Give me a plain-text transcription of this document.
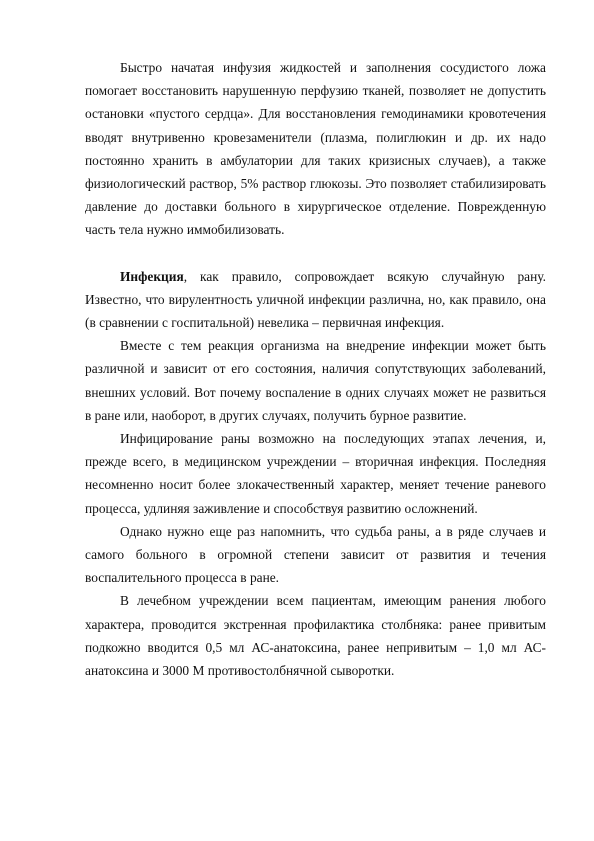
Быстро начатая инфузия жидкостей и заполнения сосудистого ложа помогает восстановить нарушенную перфузию тканей, позволяет не допустить остановки «пустого сердца». Для восстановления гемодинамики кровотечения вводят внутривенно кровезаменители (плазма, полиглюкин и др. их надо постоянно хранить в амбулатории для таких кризисных случаев), а также физиологический раствор, 5% раствор глюкозы. Это позволяет стабилизировать давление до доставки больного в хирургическое отделение. Поврежденную часть тела нужно иммобилизовать.

Инфекция, как правило, сопровождает всякую случайную рану. Известно, что вирулентность уличной инфекции различна, но, как правило, она (в сравнении с госпитальной) невелика – первичная инфекция.

Вместе с тем реакция организма на внедрение инфекции может быть различной и зависит от его состояния, наличия сопутствующих заболеваний, внешних условий. Вот почему воспаление в одних случаях может не развиться в ране или, наоборот, в других случаях, получить бурное развитие.

Инфицирование раны возможно на последующих этапах лечения, и, прежде всего, в медицинском учреждении – вторичная инфекция. Последняя несомненно носит более злокачественный характер, меняет течение раневого процесса, удлиняя заживление и способствуя развитию осложнений.

Однако нужно еще раз напомнить, что судьба раны, а в ряде случаев и самого больного в огромной степени зависит от развития и течения воспалительного процесса в ране.

В лечебном учреждении всем пациентам, имеющим ранения любого характера, проводится экстренная профилактика столбняка: ранее привитым подкожно вводится 0,5 мл АС-анатоксина, ранее непривитым – 1,0 мл АС-анатоксина и 3000 М противостолбнячной сыворотки.
